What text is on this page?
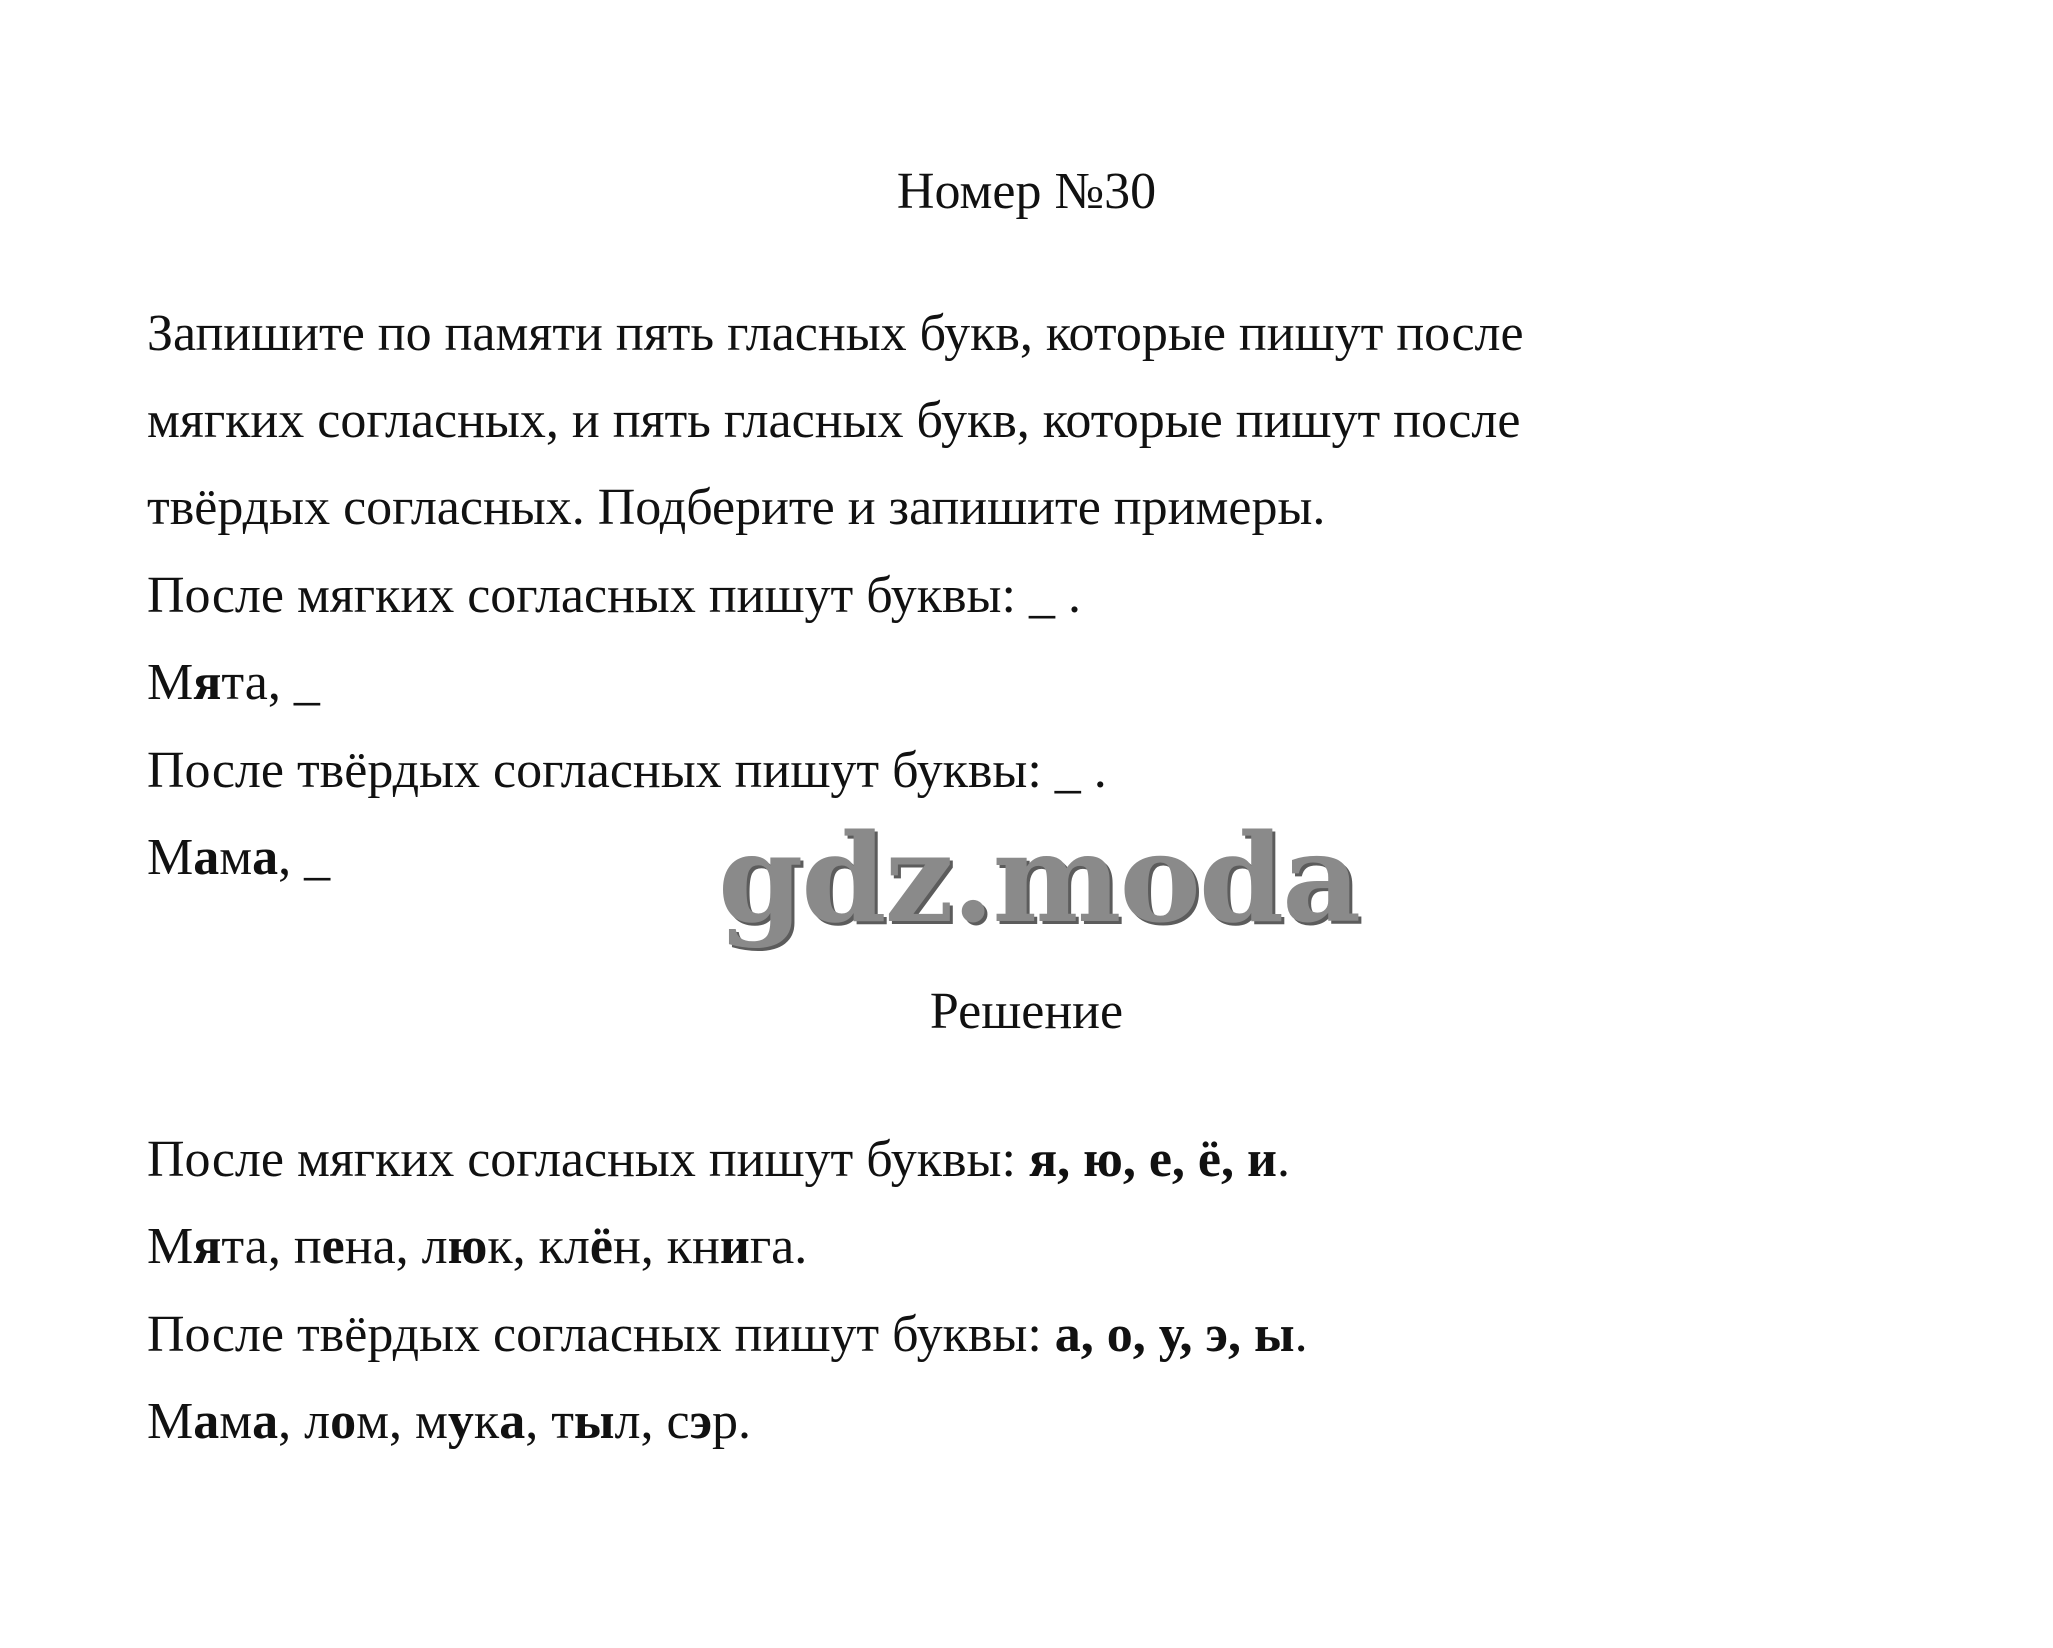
Номер №30
Запишите по памяти пять гласных букв, которые пишут после
мягких согласных, и пять гласных букв, которые пишут после
твёрдых согласных. Подберите и запишите примеры.
После мягких согласных пишут буквы: _ .
Мята, _
После твёрдых согласных пишут буквы: _ .
Мама, _	gdz.moda
Решение
После мягких согласных пишут буквы: я, ю, е, ё, и.
Мята, пена, люк, клён, книга.
После твёрдых согласных пишут буквы: а, о, у, э, ы.
Мама, лом, мука, тыл, сэр.
